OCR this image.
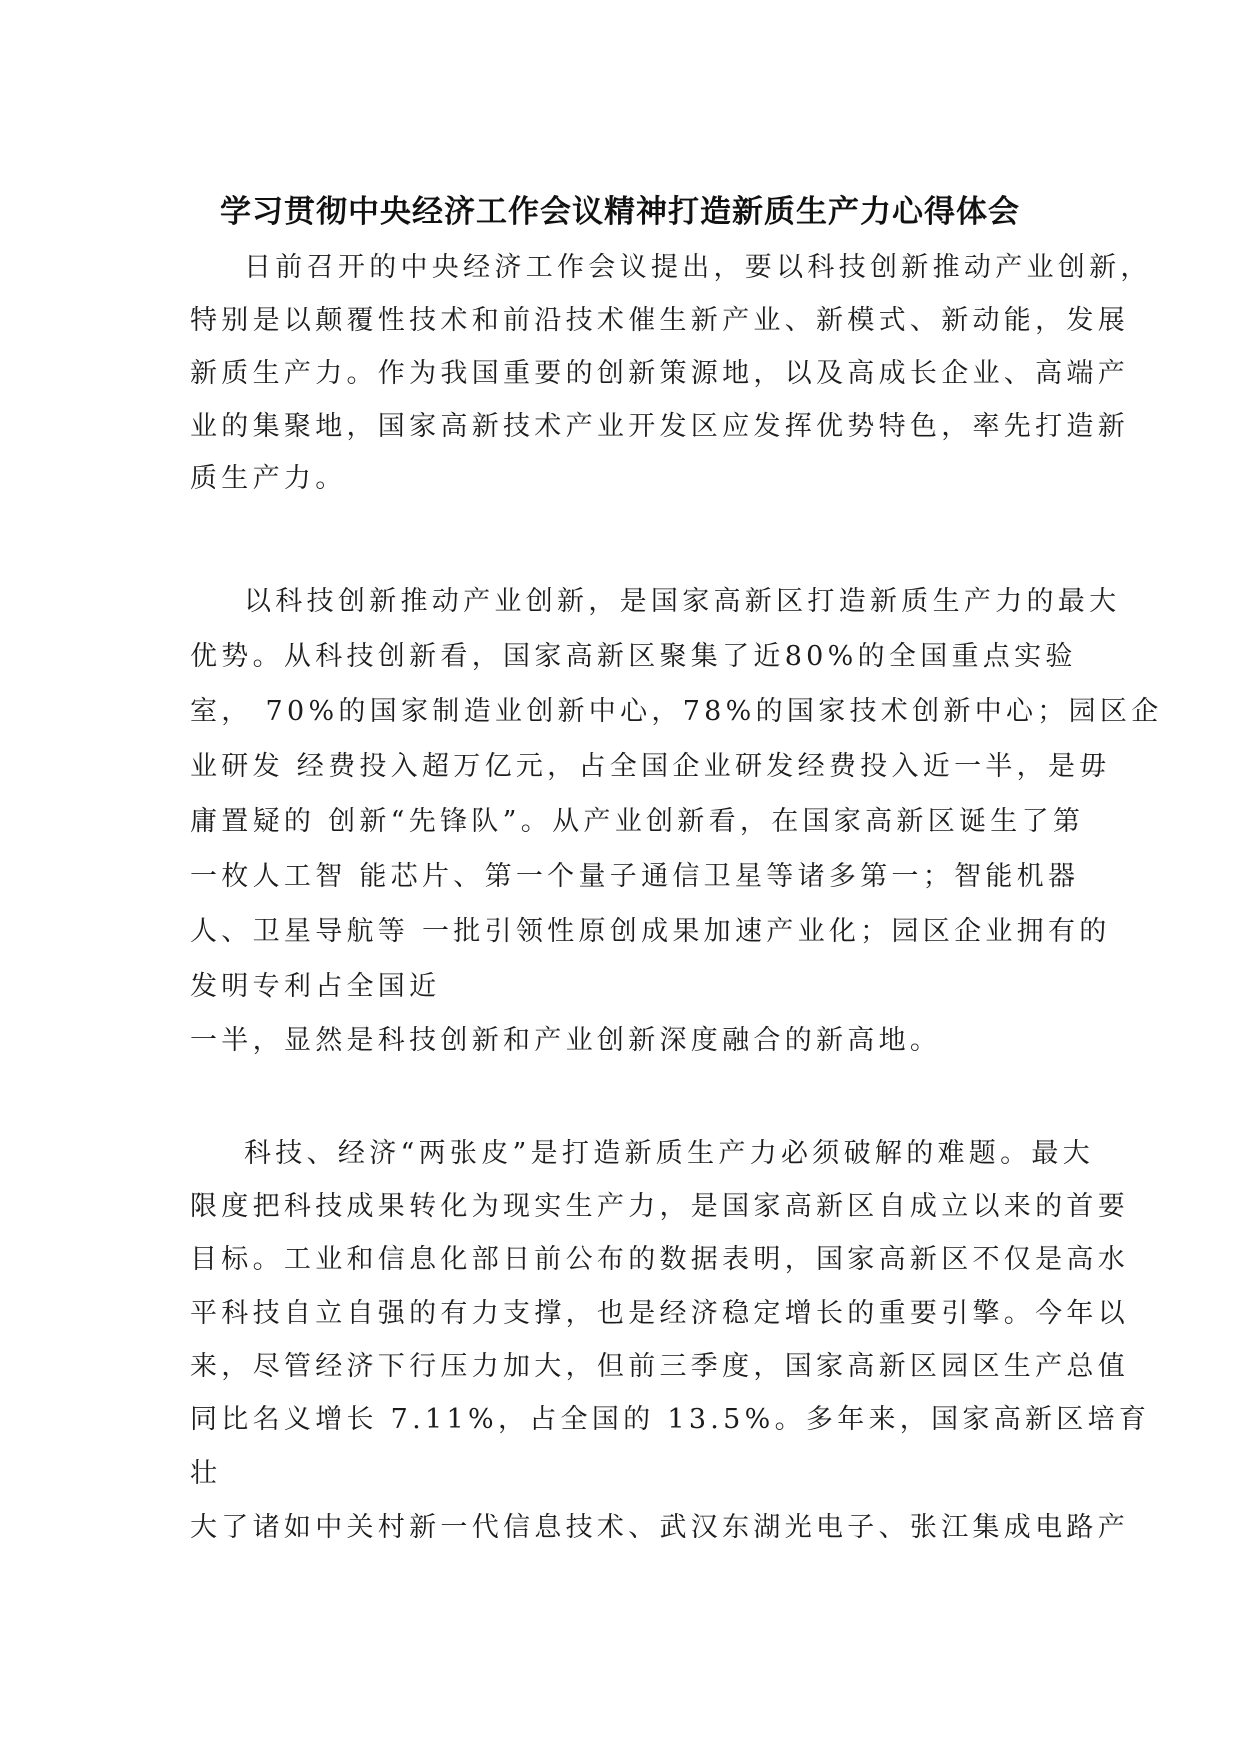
学习贯彻中央经济工作会议精神打造新质生产力心得体会
日前召开的中央经济工作会议提出，要以科技创新推动产业创新，
特别是以颠覆性技术和前沿技术催生新产业、新模式、新动能，发展
新质生产力。作为我国重要的创新策源地，以及高成长企业、高端产
业的集聚地，国家高新技术产业开发区应发挥优势特色，率先打造新
质生产力。
以科技创新推动产业创新，是国家高新区打造新质生产力的最大
优势。从科技创新看，国家高新区聚集了近80%的全国重点实验
室， 70%的国家制造业创新中心，78%的国家技术创新中心；园区企
业研发 经费投入超万亿元，占全国企业研发经费投入近一半，是毋
庸置疑的 创新“先锋队”。从产业创新看，在国家高新区诞生了第
一枚人工智 能芯片、第一个量子通信卫星等诸多第一；智能机器
人、卫星导航等 一批引领性原创成果加速产业化；园区企业拥有的
发明专利占全国近
一半，显然是科技创新和产业创新深度融合的新高地。
科技、经济“两张皮”是打造新质生产力必须破解的难题。最大
限度把科技成果转化为现实生产力，是国家高新区自成立以来的首要
目标。工业和信息化部日前公布的数据表明，国家高新区不仅是高水
平科技自立自强的有力支撑，也是经济稳定增长的重要引擎。今年以
来，尽管经济下行压力加大，但前三季度，国家高新区园区生产总值
同比名义增长 7.11%，占全国的 13.5%。多年来，国家高新区培育
壮
大了诸如中关村新一代信息技术、武汉东湖光电子、张江集成电路产
